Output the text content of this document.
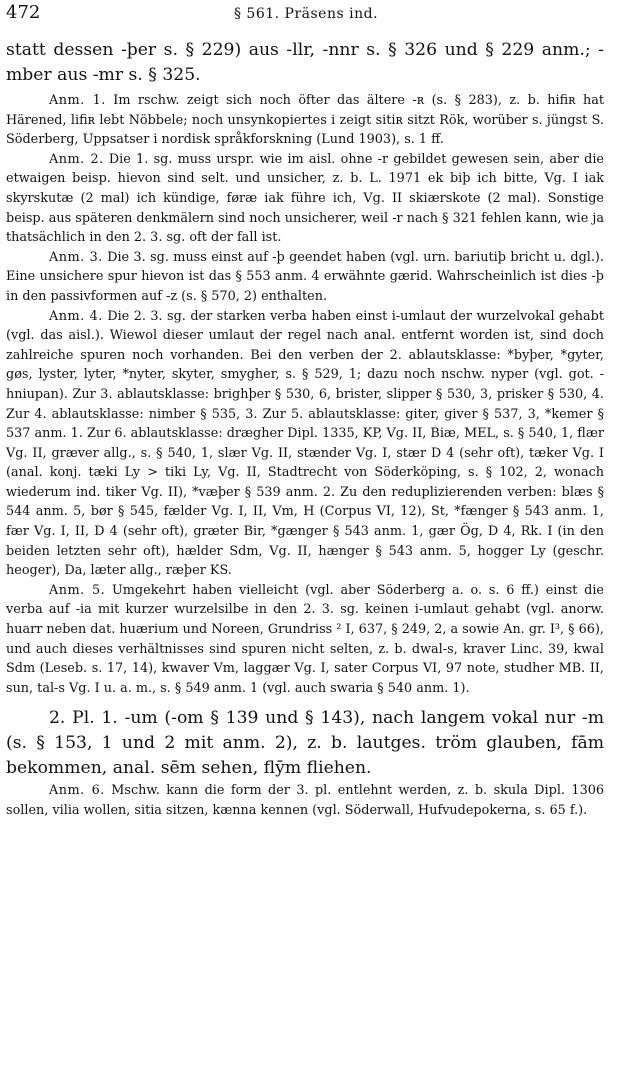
472	§ 561. Präsens ind.

statt dessen -þer s. § 229) aus -llr, -nnr s. § 326 und § 229 anm.; -mber aus -mr s. § 325.

Anm. 1. Im rschw. zeigt sich noch öfter das ältere -ʀ (s. § 283), z. b. hifiʀ hat Härened, lifiʀ lebt Nöbbele; noch unsynkopiertes i zeigt sitiʀ sitzt Rök, worüber s. jüngst S. Söderberg, Uppsatser i nordisk språkforskning (Lund 1903), s. 1 ff.

Anm. 2. Die 1. sg. muss urspr. wie im aisl. ohne -r gebildet gewesen sein, aber die etwaigen beisp. hievon sind selt. und unsicher, z. b. L. 1971 ek biþ ich bitte, Vg. I iak skyrskutæ (2 mal) ich kündige, føræ iak führe ich, Vg. II skiærskote (2 mal). Sonstige beisp. aus späteren denkmälern sind noch unsicherer, weil -r nach § 321 fehlen kann, wie ja thatsächlich in den 2. 3. sg. oft der fall ist.

Anm. 3. Die 3. sg. muss einst auf -þ geendet haben (vgl. urn. bariutiþ bricht u. dgl.). Eine unsichere spur hievon ist das § 553 anm. 4 erwähnte gærid. Wahrscheinlich ist dies -þ in den passivformen auf -z (s. § 570, 2) enthalten.

Anm. 4. Die 2. 3. sg. der starken verba haben einst i-umlaut der wurzelvokal gehabt (vgl. das aisl.). Wiewol dieser umlaut der regel nach anal. entfernt worden ist, sind doch zahlreiche spuren noch vorhanden. Bei den verben der 2. ablautsklasse: *byþer, *gyter, gøs, lyster, lyter, *nyter, skyter, smygher, s. § 529, 1; dazu noch nschw. nyper (vgl. got. -hniupan). Zur 3. ablautsklasse: brighþer § 530, 6, brister, slipper § 530, 3, prisker § 530, 4. Zur 4. ablautsklasse: nimber § 535, 3. Zur 5. ablautsklasse: giter, giver § 537, 3, *kemer § 537 anm. 1. Zur 6. ablautsklasse: drægher Dipl. 1335, KP, Vg. II, Biæ, MEL, s. § 540, 1, flær Vg. II, græver allg., s. § 540, 1, slær Vg. II, stænder Vg. I, stær D 4 (sehr oft), tæker Vg. I (anal. konj. tæki Ly > tiki Ly, Vg. II, Stadtrecht von Söderköping, s. § 102, 2, wonach wiederum ind. tiker Vg. II), *væþer § 539 anm. 2. Zu den reduplizierenden verben: blæs § 544 anm. 5, bør § 545, fælder Vg. I, II, Vm, H (Corpus VI, 12), St, *fænger § 543 anm. 1, fær Vg. I, II, D 4 (sehr oft), græter Bir, *gænger § 543 anm. 1, gær Ög, D 4, Rk. I (in den beiden letzten sehr oft), hælder Sdm, Vg. II, hænger § 543 anm. 5, hogger Ly (geschr. heoger), Da, læter allg., ræþer KS.

Anm. 5. Umgekehrt haben vielleicht (vgl. aber Söderberg a. o. s. 6 ff.) einst die verba auf -ia mit kurzer wurzelsilbe in den 2. 3. sg. keinen i-umlaut gehabt (vgl. anorw. huarr neben dat. huærium und Noreen, Grundriss ² I, 637, § 249, 2, a sowie An. gr. I³, § 66), und auch dieses verhältnisses sind spuren nicht selten, z. b. dwal-s, kraver Linc. 39, kwal Sdm (Leseb. s. 17, 14), kwaver Vm, laggær Vg. I, sater Corpus VI, 97 note, studher MB. II, sun, tal-s Vg. I u. a. m., s. § 549 anm. 1 (vgl. auch swaria § 540 anm. 1).

2. Pl. 1. -um (-om § 139 und § 143), nach langem vokal nur -m (s. § 153, 1 und 2 mit anm. 2), z. b. lautges. tröm glauben, fām bekommen, anal. sēm sehen, flȳm fliehen.

Anm. 6. Mschw. kann die form der 3. pl. entlehnt werden, z. b. skula Dipl. 1306 sollen, vilia wollen, sitia sitzen, kænna kennen (vgl. Söderwall, Hufvudepokerna, s. 65 f.).
